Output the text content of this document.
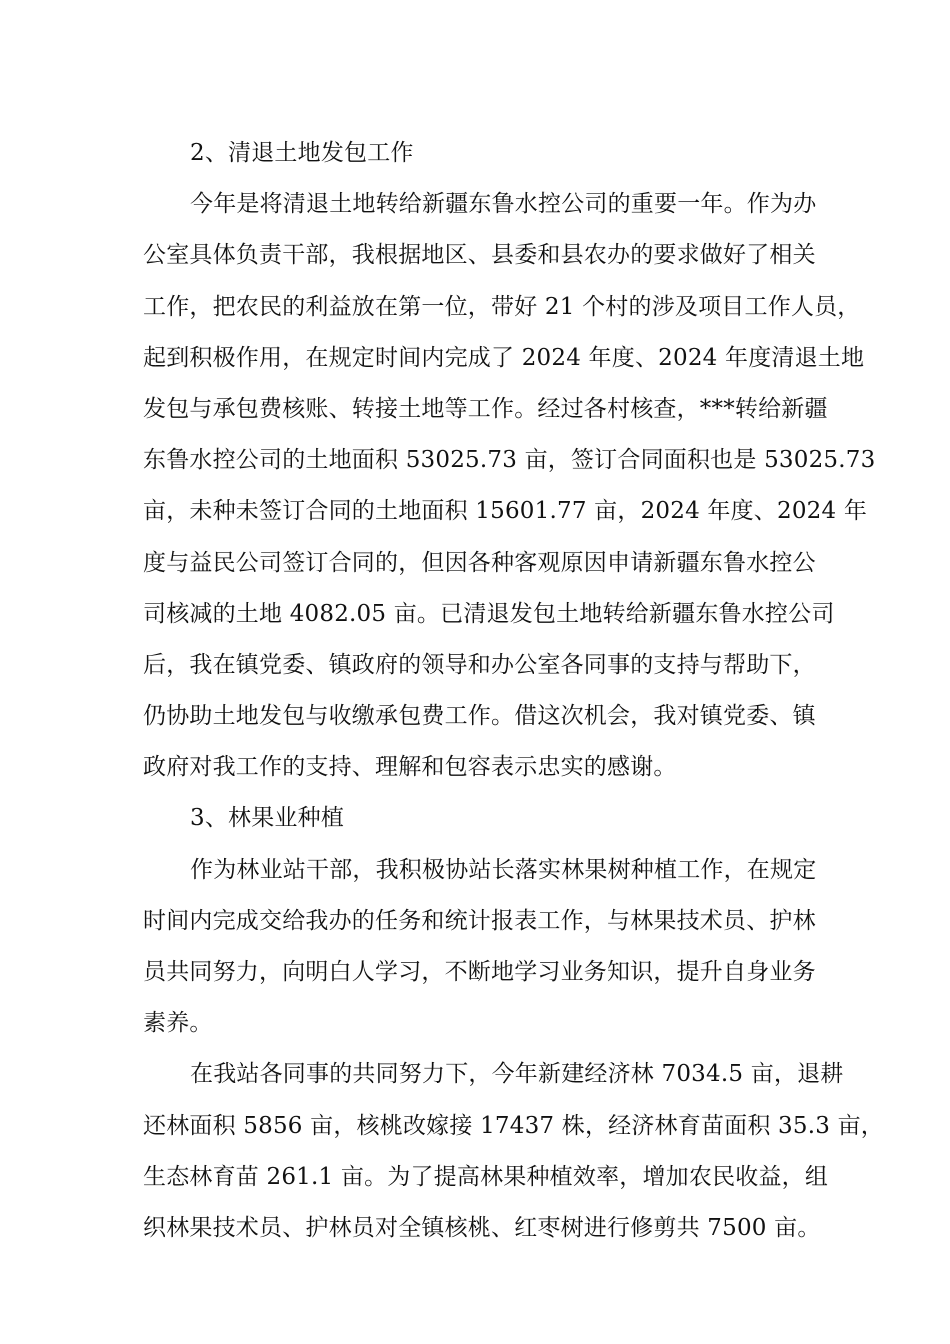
2、清退土地发包工作
今年是将清退土地转给新疆东鲁水控公司的重要一年。作为办
公室具体负责干部，我根据地区、县委和县农办的要求做好了相关
工作，把农民的利益放在第一位，带好 21 个村的涉及项目工作人员，
起到积极作用，在规定时间内完成了 2024 年度、2024 年度清退土地
发包与承包费核账、转接土地等工作。经过各村核查，***转给新疆
东鲁水控公司的土地面积 53025.73 亩，签订合同面积也是 53025.73
亩，未种未签订合同的土地面积 15601.77 亩，2024 年度、2024 年
度与益民公司签订合同的，但因各种客观原因申请新疆东鲁水控公
司核减的土地 4082.05 亩。已清退发包土地转给新疆东鲁水控公司
后，我在镇党委、镇政府的领导和办公室各同事的支持与帮助下，
仍协助土地发包与收缴承包费工作。借这次机会，我对镇党委、镇
政府对我工作的支持、理解和包容表示忠实的感谢。
3、林果业种植
作为林业站干部，我积极协站长落实林果树种植工作，在规定
时间内完成交给我办的任务和统计报表工作，与林果技术员、护林
员共同努力，向明白人学习，不断地学习业务知识，提升自身业务
素养。
在我站各同事的共同努力下，今年新建经济林 7034.5 亩，退耕
还林面积 5856 亩，核桃改嫁接 17437 株，经济林育苗面积 35.3 亩，
生态林育苗 261.1 亩。为了提高林果种植效率，增加农民收益，组
织林果技术员、护林员对全镇核桃、红枣树进行修剪共 7500 亩。
